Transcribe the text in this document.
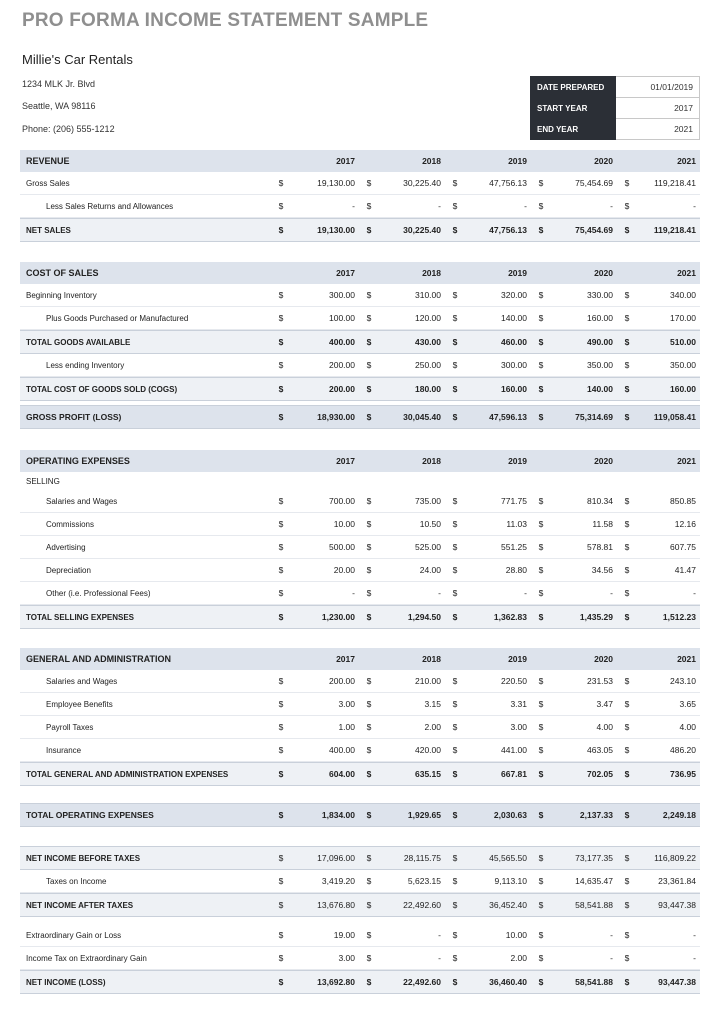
PRO FORMA INCOME STATEMENT SAMPLE
Millie's Car Rentals
1234 MLK Jr. Blvd
Seattle, WA 98116
Phone: (206) 555-1212
DATE PREPARED	01/01/2019
START YEAR	2017
END YEAR	2021
REVENUE	2017	2018	2019	2020	2021
Gross Sales	$	19,130.00	$	30,225.40	$	47,756.13	$	75,454.69	$	119,218.41
Less Sales Returns and Allowances	$	-	$	-	$	-	$	-	$	-
NET SALES	$	19,130.00	$	30,225.40	$	47,756.13	$	75,454.69	$	119,218.41
COST OF SALES	2017	2018	2019	2020	2021
Beginning Inventory	$	300.00	$	310.00	$	320.00	$	330.00	$	340.00
Plus Goods Purchased or Manufactured	$	100.00	$	120.00	$	140.00	$	160.00	$	170.00
TOTAL GOODS AVAILABLE	$	400.00	$	430.00	$	460.00	$	490.00	$	510.00
Less ending Inventory	$	200.00	$	250.00	$	300.00	$	350.00	$	350.00
TOTAL COST OF GOODS SOLD (COGS)	$	200.00	$	180.00	$	160.00	$	140.00	$	160.00
GROSS PROFIT (LOSS)	$	18,930.00	$	30,045.40	$	47,596.13	$	75,314.69	$	119,058.41
OPERATING EXPENSES	2017	2018	2019	2020	2021
SELLING
Salaries and Wages	$	700.00	$	735.00	$	771.75	$	810.34	$	850.85
Commissions	$	10.00	$	10.50	$	11.03	$	11.58	$	12.16
Advertising	$	500.00	$	525.00	$	551.25	$	578.81	$	607.75
Depreciation	$	20.00	$	24.00	$	28.80	$	34.56	$	41.47
Other (i.e. Professional Fees)	$	-	$	-	$	-	$	-	$	-
TOTAL SELLING EXPENSES	$	1,230.00	$	1,294.50	$	1,362.83	$	1,435.29	$	1,512.23
GENERAL AND ADMINISTRATION	2017	2018	2019	2020	2021
Salaries and Wages	$	200.00	$	210.00	$	220.50	$	231.53	$	243.10
Employee Benefits	$	3.00	$	3.15	$	3.31	$	3.47	$	3.65
Payroll Taxes	$	1.00	$	2.00	$	3.00	$	4.00	$	4.00
Insurance	$	400.00	$	420.00	$	441.00	$	463.05	$	486.20
TOTAL GENERAL AND ADMINISTRATION EXPENSES	$	604.00	$	635.15	$	667.81	$	702.05	$	736.95
TOTAL OPERATING EXPENSES	$	1,834.00	$	1,929.65	$	2,030.63	$	2,137.33	$	2,249.18
NET INCOME BEFORE TAXES	$	17,096.00	$	28,115.75	$	45,565.50	$	73,177.35	$	116,809.22
Taxes on Income	$	3,419.20	$	5,623.15	$	9,113.10	$	14,635.47	$	23,361.84
NET INCOME AFTER TAXES	$	13,676.80	$	22,492.60	$	36,452.40	$	58,541.88	$	93,447.38
Extraordinary Gain or Loss	$	19.00	$	-	$	10.00	$	-	$	-
Income Tax on Extraordinary Gain	$	3.00	$	-	$	2.00	$	-	$	-
NET INCOME (LOSS)	$	13,692.80	$	22,492.60	$	36,460.40	$	58,541.88	$	93,447.38
